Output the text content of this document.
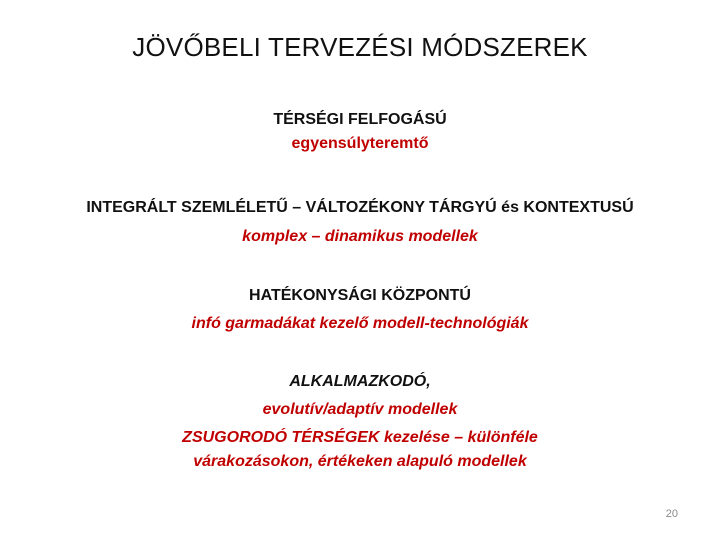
JÖVŐBELI TERVEZÉSI MÓDSZEREK
TÉRSÉGI FELFOGÁSÚ
egyensúlyteremtő
INTEGRÁLT SZEMLÉLETŰ – VÁLTOZÉKONY TÁRGYÚ és KONTEXTUSÚ
komplex – dinamikus modellek
HATÉKONYSÁGI KÖZPONTÚ
infó garmadákat kezelő modell-technológiák
ALKALMAZKODÓ,
evolutív/adaptív modellek
ZSUGORODÓ TÉRSÉGEK kezelése – különféle
várakozásokon, értékeken alapuló modellek
20
